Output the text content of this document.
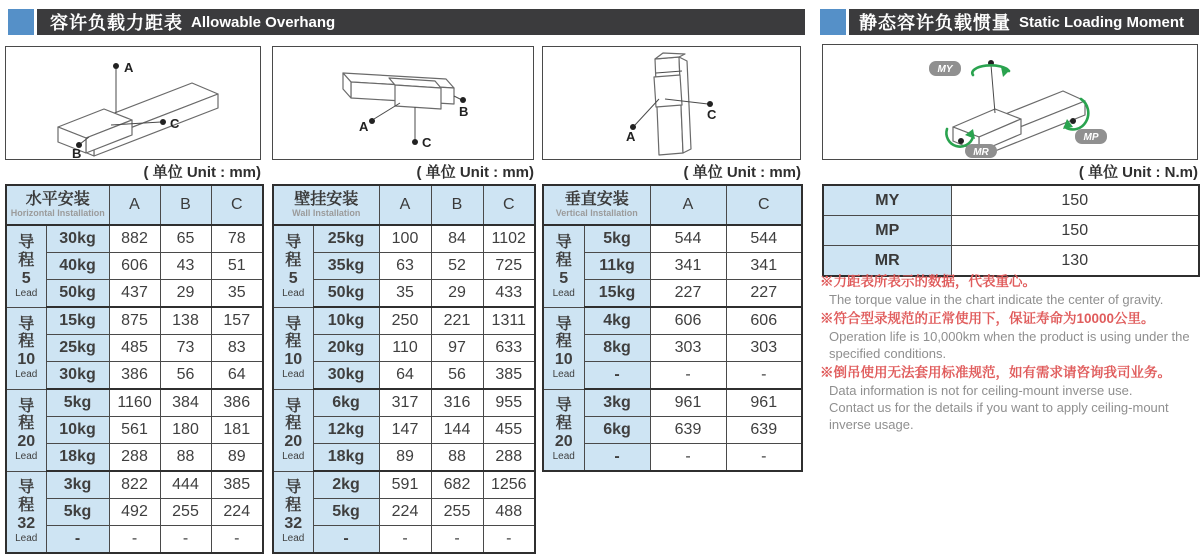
容许负载力距表 Allowable Overhang	静态容许负载惯量 Static Loading Moment
A
B
C
( 单位 Unit : mm)
A
B
C
( 单位 Unit : mm)
A
C
( 单位 Unit : mm)
MY
MP
MR
( 单位 Unit : N.m)
水平安装
Horizontal Installation		A	B	C

导
程
5
Lead	30kg	882	65	78
	40kg	606	43	51
	50kg	437	29	35

导
程
10
Lead	15kg	875	138	157
	25kg	485	73	83
	30kg	386	56	64

导
程
20
Lead	5kg	1160	384	386
	10kg	561	180	181
	18kg	288	88	89

导
程
32
Lead	3kg	822	444	385
	5kg	492	255	224
	-	-	-	-
壁挂安装
Wall Installation		A	B	C

导
程
5
Lead	25kg	100	84	1102
	35kg	63	52	725
	50kg	35	29	433

导
程
10
Lead	10kg	250	221	1311
	20kg	110	97	633
	30kg	64	56	385

导
程
20
Lead	6kg	317	316	955
	12kg	147	144	455
	18kg	89	88	288

导
程
32
Lead	2kg	591	682	1256
	5kg	224	255	488
	-	-	-	-
垂直安装
Vertical Installation		A	C

导
程
5
Lead	5kg	544	544
	11kg	341	341
	15kg	227	227

导
程
10
Lead	4kg	606	606
	8kg	303	303
	-	-	-

导
程
20
Lead	3kg	961	961
	6kg	639	639
	-	-	-
MY	150
MP	150
MR	130
※力距表所表示的数据，代表重心。
The torque value in the chart indicate the center of gravity.
※符合型录规范的正常使用下，保证寿命为10000公里。
Operation life is 10,000km when the product is using under the specified conditions.
※倒吊使用无法套用标准规范，如有需求请咨询我司业务。
Data information is not for ceiling-mount inverse use.
Contact us for the details if you want to apply ceiling-mount inverse usage.
